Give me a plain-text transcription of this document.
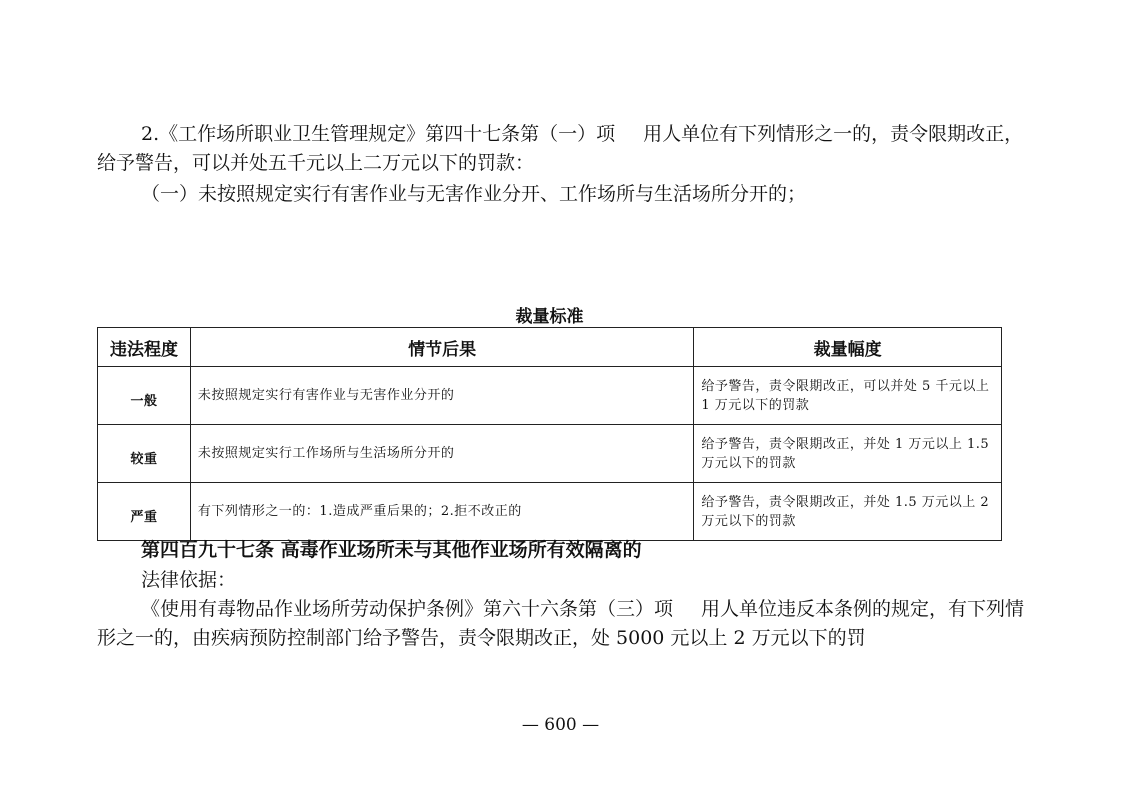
2.《工作场所职业卫生管理规定》第四十七条第（一）项 用人单位有下列情形之一的，责令限期改正，给予警告，可以并处五千元以上二万元以下的罚款：

（一）未按照规定实行有害作业与无害作业分开、工作场所与生活场所分开的；

裁量标准
违法程度	情节后果	裁量幅度
一般	未按照规定实行有害作业与无害作业分开的	给予警告，责令限期改正，可以并处 5 千元以上 1 万元以下的罚款
较重	未按照规定实行工作场所与生活场所分开的	给予警告，责令限期改正，并处 1 万元以上 1.5 万元以下的罚款
严重	有下列情形之一的：1.造成严重后果的；2.拒不改正的	给予警告，责令限期改正，并处 1.5 万元以上 2 万元以下的罚款
第四百九十七条 高毒作业场所未与其他作业场所有效隔离的
法律依据：

《使用有毒物品作业场所劳动保护条例》第六十六条第（三）项 用人单位违反本条例的规定，有下列情形之一的，由疾病预防控制部门给予警告，责令限期改正，处 5000 元以上 2 万元以下的罚

— 600 —
